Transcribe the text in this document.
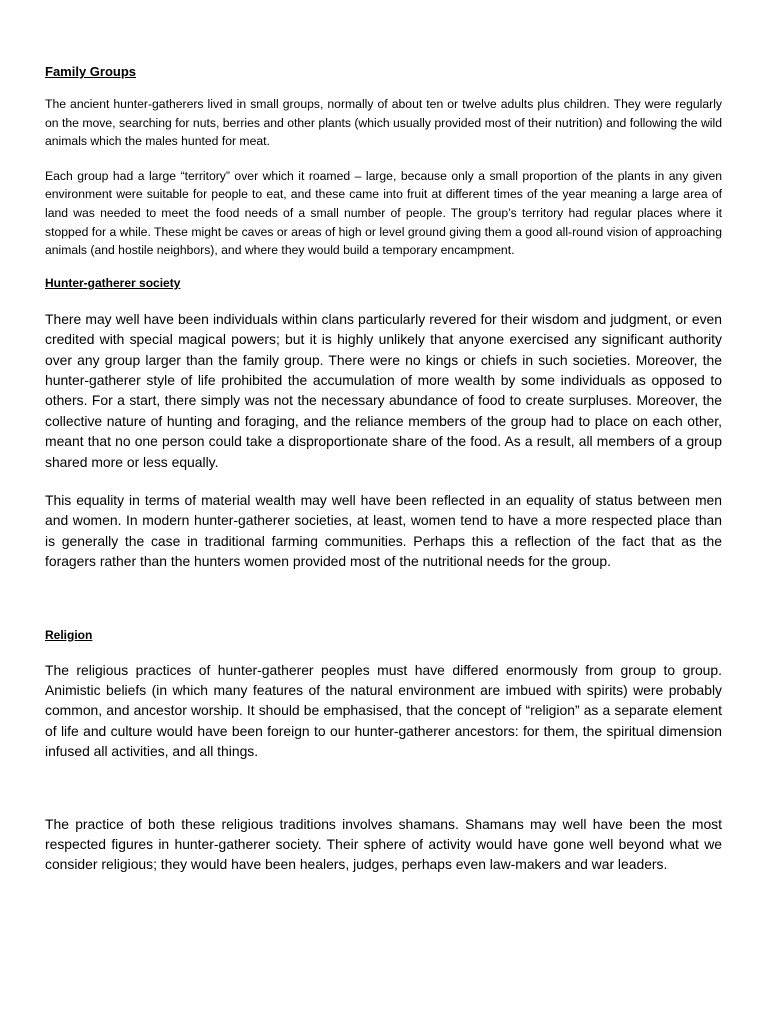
Family Groups

The ancient hunter-gatherers lived in small groups, normally of about ten or twelve adults plus children. They were regularly on the move, searching for nuts, berries and other plants (which usually provided most of their nutrition) and following the wild animals which the males hunted for meat.

Each group had a large “territory” over which it roamed – large, because only a small proportion of the plants in any given environment were suitable for people to eat, and these came into fruit at different times of the year meaning a large area of land was needed to meet the food needs of a small number of people. The group’s territory had regular places where it stopped for a while. These might be caves or areas of high or level ground giving them a good all-round vision of approaching animals (and hostile neighbors), and where they would build a temporary encampment.

Hunter-gatherer society

There may well have been individuals within clans particularly revered for their wisdom and judgment, or even credited with special magical powers; but it is highly unlikely that anyone exercised any significant authority over any group larger than the family group. There were no kings or chiefs in such societies. Moreover, the hunter-gatherer style of life prohibited the accumulation of more wealth by some individuals as opposed to others. For a start, there simply was not the necessary abundance of food to create surpluses. Moreover, the collective nature of hunting and foraging, and the reliance members of the group had to place on each other, meant that no one person could take a disproportionate share of the food. As a result, all members of a group shared more or less equally.

This equality in terms of material wealth may well have been reflected in an equality of status between men and women. In modern hunter-gatherer societies, at least, women tend to have a more respected place than is generally the case in traditional farming communities. Perhaps this a reflection of the fact that as the foragers rather than the hunters women provided most of the nutritional needs for the group.

Religion

The religious practices of hunter-gatherer peoples must have differed enormously from group to group. Animistic beliefs (in which many features of the natural environment are imbued with spirits) were probably common, and ancestor worship. It should be emphasised, that the concept of “religion” as a separate element of life and culture would have been foreign to our hunter-gatherer ancestors: for them, the spiritual dimension infused all activities, and all things.

The practice of both these religious traditions involves shamans. Shamans may well have been the most respected figures in hunter-gatherer society. Their sphere of activity would have gone well beyond what we consider religious; they would have been healers, judges, perhaps even law-makers and war leaders.
